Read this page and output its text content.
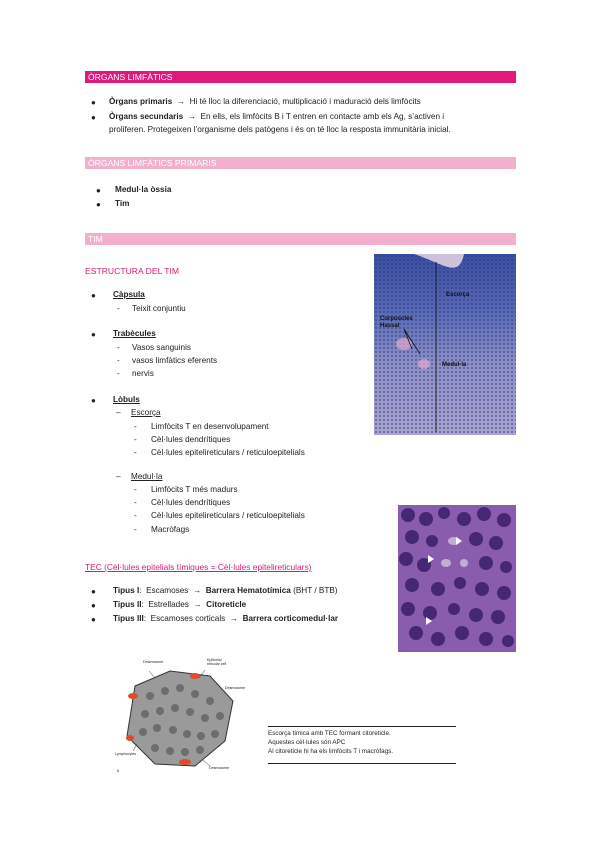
ÒRGANS LIMFÀTICS
● Òrgans primaris  →  Hi té lloc la diferenciació, multiplicació i maduració dels limfòcits
● Òrgans secundaris  →  En ells, els limfòcits B i T entren en contacte amb els Ag, s’activen i
proliferen. Protegeixen l’organisme dels patògens i és on té lloc la resposta immunitària inicial.
ÒRGANS LIMFÀTICS PRIMARIS
● Medul·la òssia
● Tim
TIM
ESTRUCTURA DEL TIM
● Càpsula
- Teixit conjuntiu
● Trabècules
- Vasos sanguinis
- vasos limfàtics eferents
- nervis
● Lòbuls
– Escorça
- Limfòcits T en desenvolupament
- Cèl·lules dendrítiques
- Cèl·lules epitelireticulars / reticuloepitelials
– Medul·la
- Limfòcits T més madurs
- Cèl·lules dendrítiques
- Cèl·lules epitelireticulars / reticuloepitelials
- Macròfags
TEC (Cèl·lules epitelials tímiques = Cèl·lules epitelireticulars)
● Tipus I:  Escamoses  →  Barrera Hematotímica (BHT / BTB)
● Tipus II:  Estrellades  →  Citoreticle
● Tipus III:  Escamoses corticals  →  Barrera corticomedul·lar
Escorça
Corpuscles
Hassal
Medul·la
Desmosome	Epithelial
reticular cell
Desmosome
Lymphocytes
Desmosome
b
Escorça tímica amb TEC formant citoreticle.
Aquestes cèl·lules són APC
Al citoreticle hi ha els limfòcits T i macròfags.
